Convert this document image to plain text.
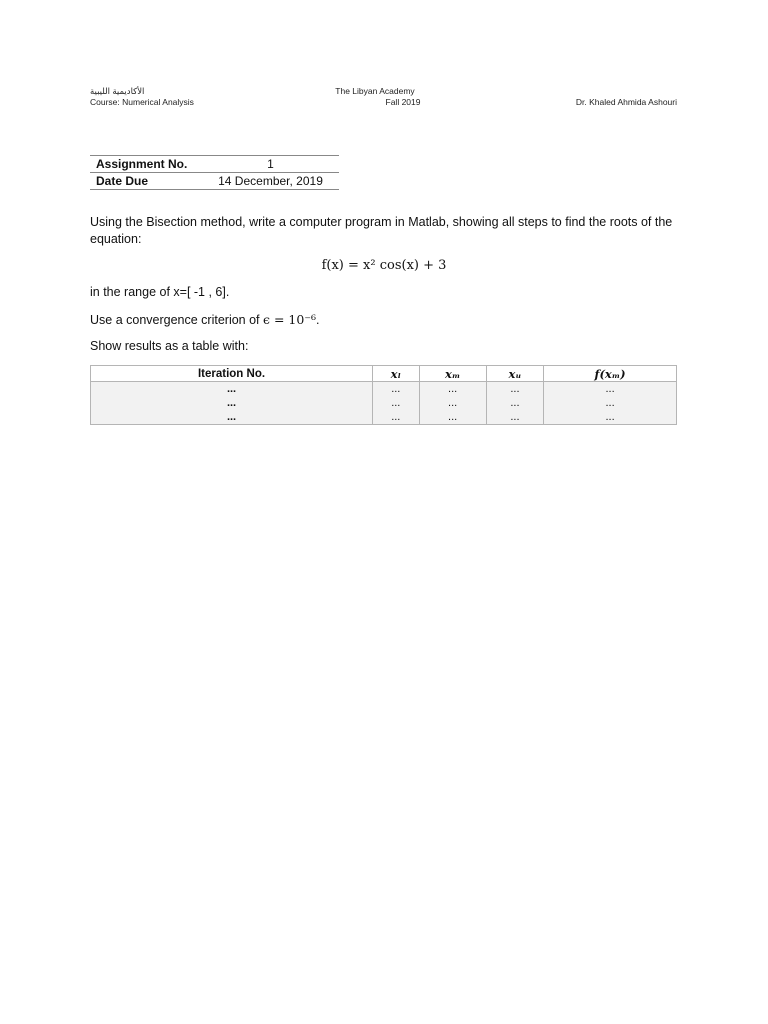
الأكاديمية الليبية
Course: Numerical Analysis
The Libyan Academy
Fall 2019	Dr. Khaled Ahmida Ashouri
Assignment No.	1
Date Due	14 December, 2019
Using the Bisection method, write a computer program in Matlab, showing all steps to find the roots of the equation:
f(x) = x² cos(x) + 3
in the range of x=[ -1 , 6].
Use a convergence criterion of ϵ = 10⁻⁶.
Show results as a table with:
Iteration No.	xₗ	xₘ	xᵤ	f(xₘ)
...	...	...	...	...
...	...	...	...	...
...	...	...	...	...
